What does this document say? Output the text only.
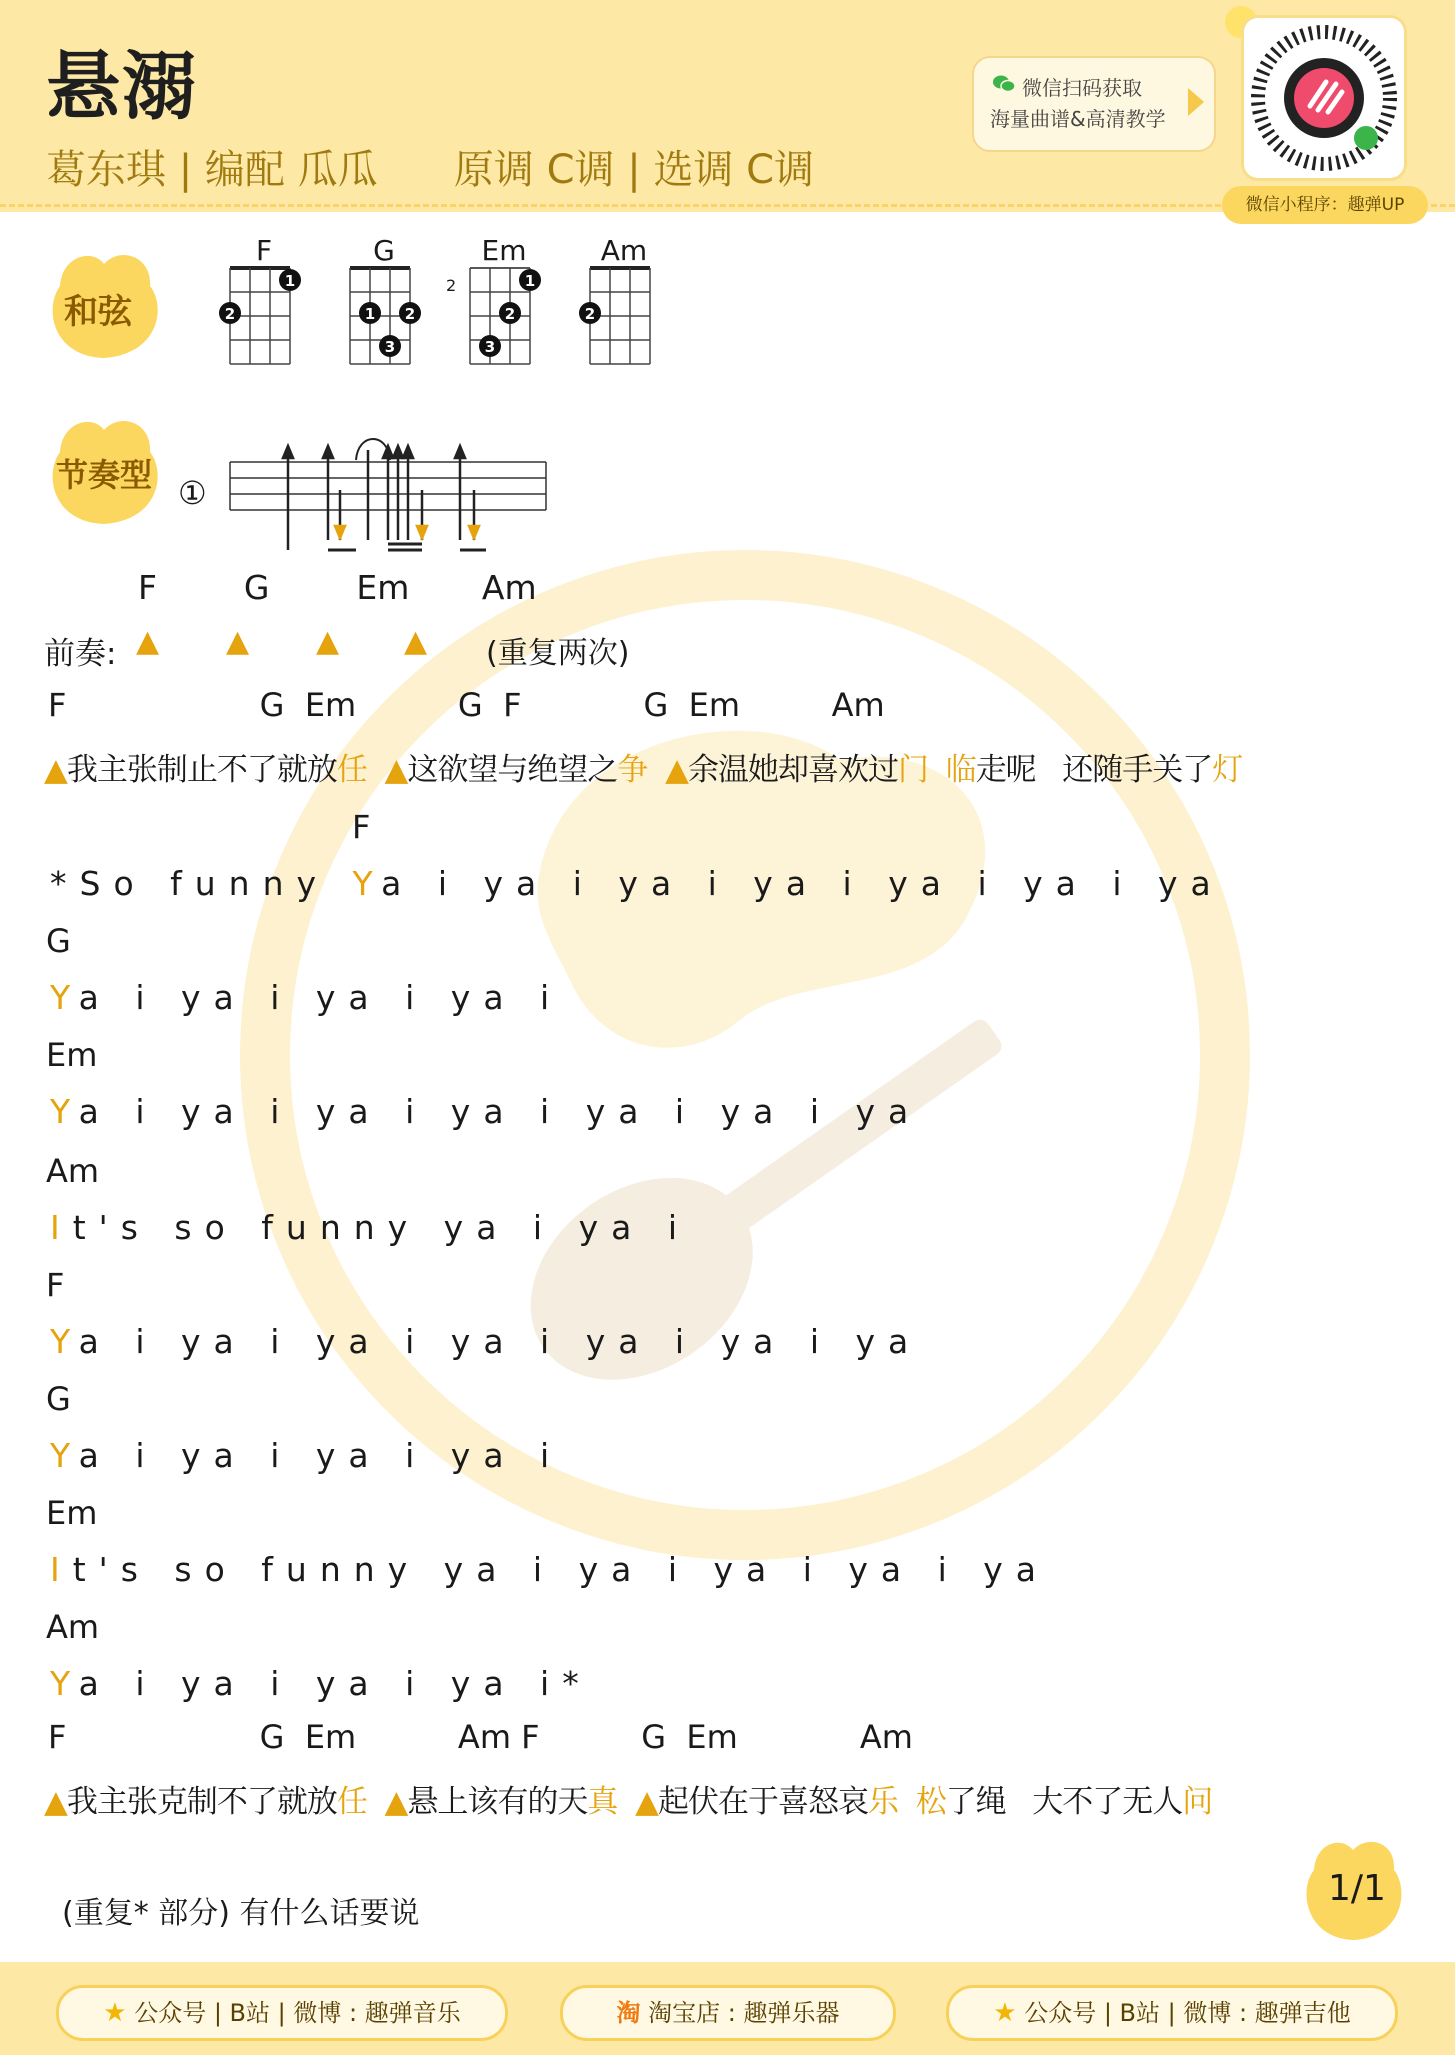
悬溺
葛东琪 | 编配 瓜瓜      原调 C调 | 选调 C调
微信扫码获取
海量曲谱&高清教学
微信小程序：趣弹UP
和弦
F
1
2
G
1 2
3
Em
2	1
2
3
Am
2
节奏型 ①
F      G      Em     Am
前奏: ▲ ▲ ▲ ▲ (重复两次)
F                   G  Em          G  F            G  Em         Am
▲我主张制止不了就放任  ▲这欲望与绝望之争  ▲余温她却喜欢过门 临走呢   还随手关了灯
F
*So funny Ya i ya i ya i ya i ya i ya i ya
G
Ya i ya i ya i ya i
Em
Ya i ya i ya i ya i ya i ya i ya
Am
It's so funny ya i ya i
F
Ya i ya i ya i ya i ya i ya i ya
G
Ya i ya i ya i ya i
Em
It's so funny ya i ya i ya i ya i ya
Am
Ya i ya i ya i ya i*
F                   G  Em          Am F          G  Em            Am
▲我主张克制不了就放任  ▲悬上该有的天真  ▲起伏在于喜怒哀乐 松了绳   大不了无人问
(重复* 部分) 有什么话要说
1/1
★ 公众号 | B站 | 微博 : 趣弹音乐	淘 淘宝店 : 趣弹乐器	★ 公众号 | B站 | 微博 : 趣弹吉他
